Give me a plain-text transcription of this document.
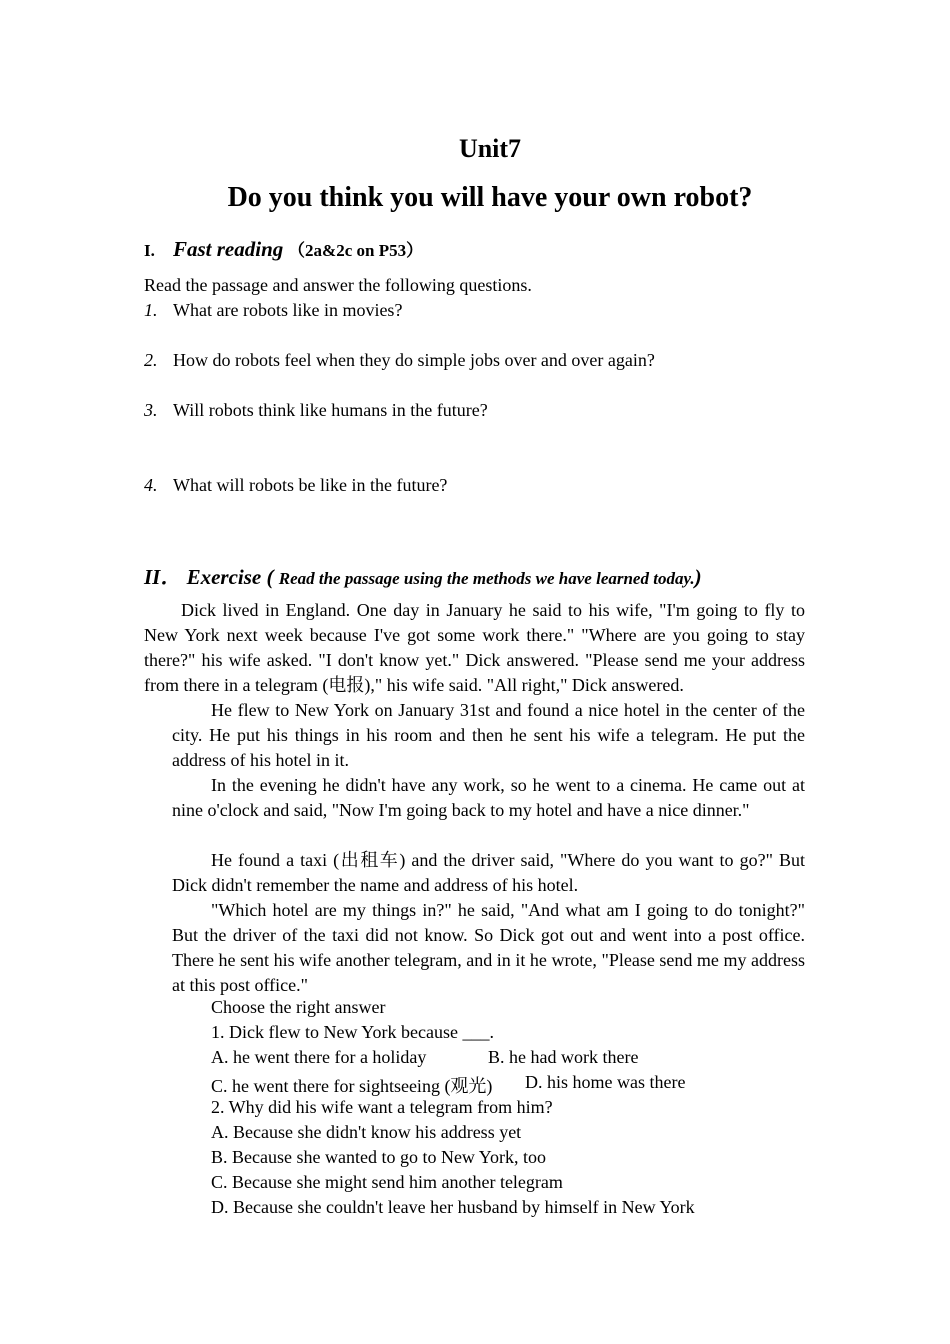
Unit7
Do you think you will have your own robot?
I. Fast reading （2a&2c on P53）

Read the passage and answer the following questions.

1. What are robots like in movies?

2. How do robots feel when they do simple jobs over and over again?

3. Will robots think like humans in the future?

4. What will robots be like in the future?

II． Exercise ( Read the passage using the methods we have learned today.)

Dick lived in England. One day in January he said to his wife, "I'm going to fly to New York next week because I've got some work there." "Where are you going to stay there?" his wife asked. "I don't know yet." Dick answered. "Please send me your address from there in a telegram (电报)," his wife said. "All right," Dick answered.

He flew to New York on January 31st and found a nice hotel in the center of the city. He put his things in his room and then he sent his wife a telegram. He put the address of his hotel in it.

In the evening he didn't have any work, so he went to a cinema. He came out at nine o'clock and said, "Now I'm going back to my hotel and have a nice dinner."

He found a taxi (出租车) and the driver said, "Where do you want to go?" But Dick didn't remember the name and address of his hotel.

"Which hotel are my things in?" he said, "And what am I going to do tonight?" But the driver of the taxi did not know. So Dick got out and went into a post office. There he sent his wife another telegram, and in it he wrote, "Please send me my address at this post office."

Choose the right answer

1. Dick flew to New York because ___.

A. he went there for a holiday	B. he had work there

C. he went there for sightseeing (观光) D. his home was there

2. Why did his wife want a telegram from him?

A. Because she didn't know his address yet

B. Because she wanted to go to New York, too

C. Because she might send him another telegram

D. Because she couldn't leave her husband by himself in New York
